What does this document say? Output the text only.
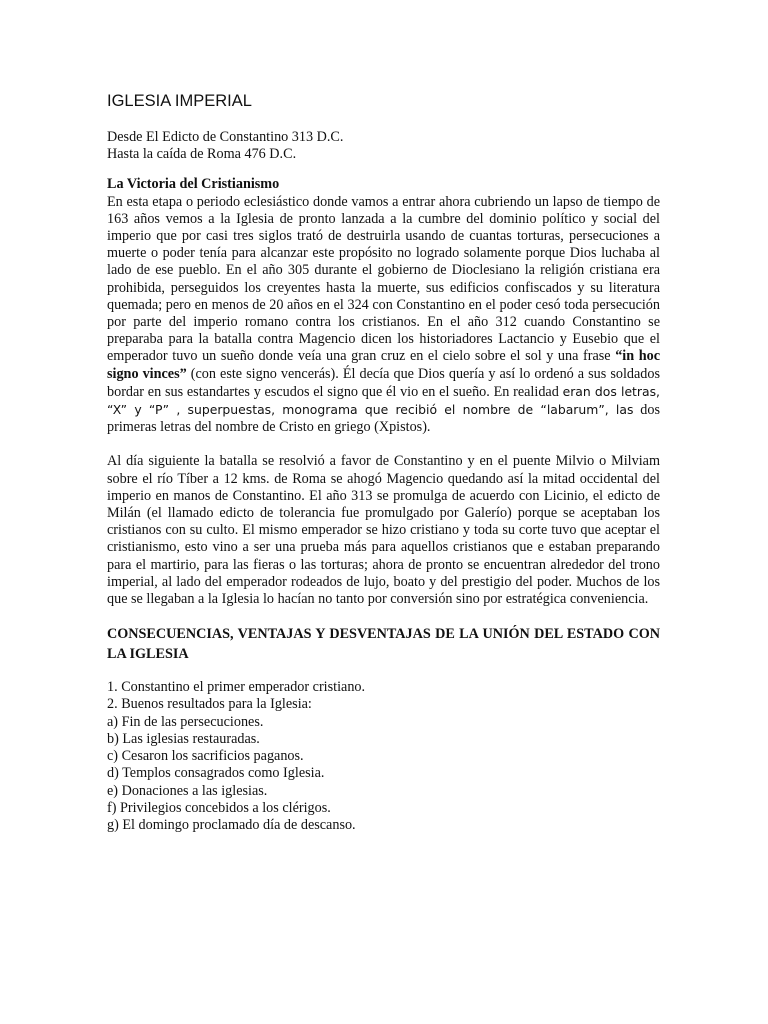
IGLESIA IMPERIAL

Desde El Edicto de Constantino 313 D.C.

Hasta la caída de Roma 476 D.C.

La Victoria del Cristianismo

En esta etapa o periodo eclesiástico donde vamos a entrar ahora cubriendo un lapso de tiempo de 163 años vemos a la Iglesia de pronto lanzada a la cumbre del dominio político y social del imperio que por casi tres siglos trató de destruirla usando de cuantas torturas, persecuciones a muerte o poder tenía para alcanzar este propósito no logrado solamente porque Dios luchaba al lado de ese pueblo. En el año 305 durante el gobierno de Dioclesiano la religión cristiana era prohibida, perseguidos los creyentes hasta la muerte, sus edificios confiscados y su literatura quemada; pero en menos de 20 años en el 324 con Constantino en el poder cesó toda persecución por parte del imperio romano contra los cristianos. En el año 312 cuando Constantino se preparaba para la batalla contra Magencio dicen los historiadores Lactancio y Eusebio que el emperador tuvo un sueño donde veía una gran cruz en el cielo sobre el sol y una frase “in hoc signo vinces” (con este signo vencerás). Él decía que Dios quería y así lo ordenó a sus soldados bordar en sus estandartes y escudos el signo que él vio en el sueño. En realidad eran dos letras, “X” y “P” , superpuestas, monograma que recibió el nombre de “labarum”, las dos primeras letras del nombre de Cristo en griego (Xpistos).

Al día siguiente la batalla se resolvió a favor de Constantino y en el puente Milvio o Milviam sobre el río Tíber a 12 kms. de Roma se ahogó Magencio quedando así la mitad occidental del imperio en manos de Constantino. El año 313 se promulga de acuerdo con Licinio, el edicto de Milán (el llamado edicto de tolerancia fue promulgado por Galerío) porque se aceptaban los cristianos con su culto. El mismo emperador se hizo cristiano y toda su corte tuvo que aceptar el cristianismo, esto vino a ser una prueba más para aquellos cristianos que e estaban preparando para el martirio, para las fieras o las torturas; ahora de pronto se encuentran alrededor del trono imperial, al lado del emperador rodeados de lujo, boato y del prestigio del poder. Muchos de los que se llegaban a la Iglesia lo hacían no tanto por conversión sino por estratégica conveniencia.

CONSECUENCIAS, VENTAJAS Y DESVENTAJAS DE LA UNIÓN DEL ESTADO CON LA IGLESIA

1. Constantino el primer emperador cristiano.
2. Buenos resultados para la Iglesia:
a) Fin de las persecuciones.
b) Las iglesias restauradas.
c) Cesaron los sacrificios paganos.
d) Templos consagrados como Iglesia.
e) Donaciones a las iglesias.
f) Privilegios concebidos a los clérigos.
g) El domingo proclamado día de descanso.
